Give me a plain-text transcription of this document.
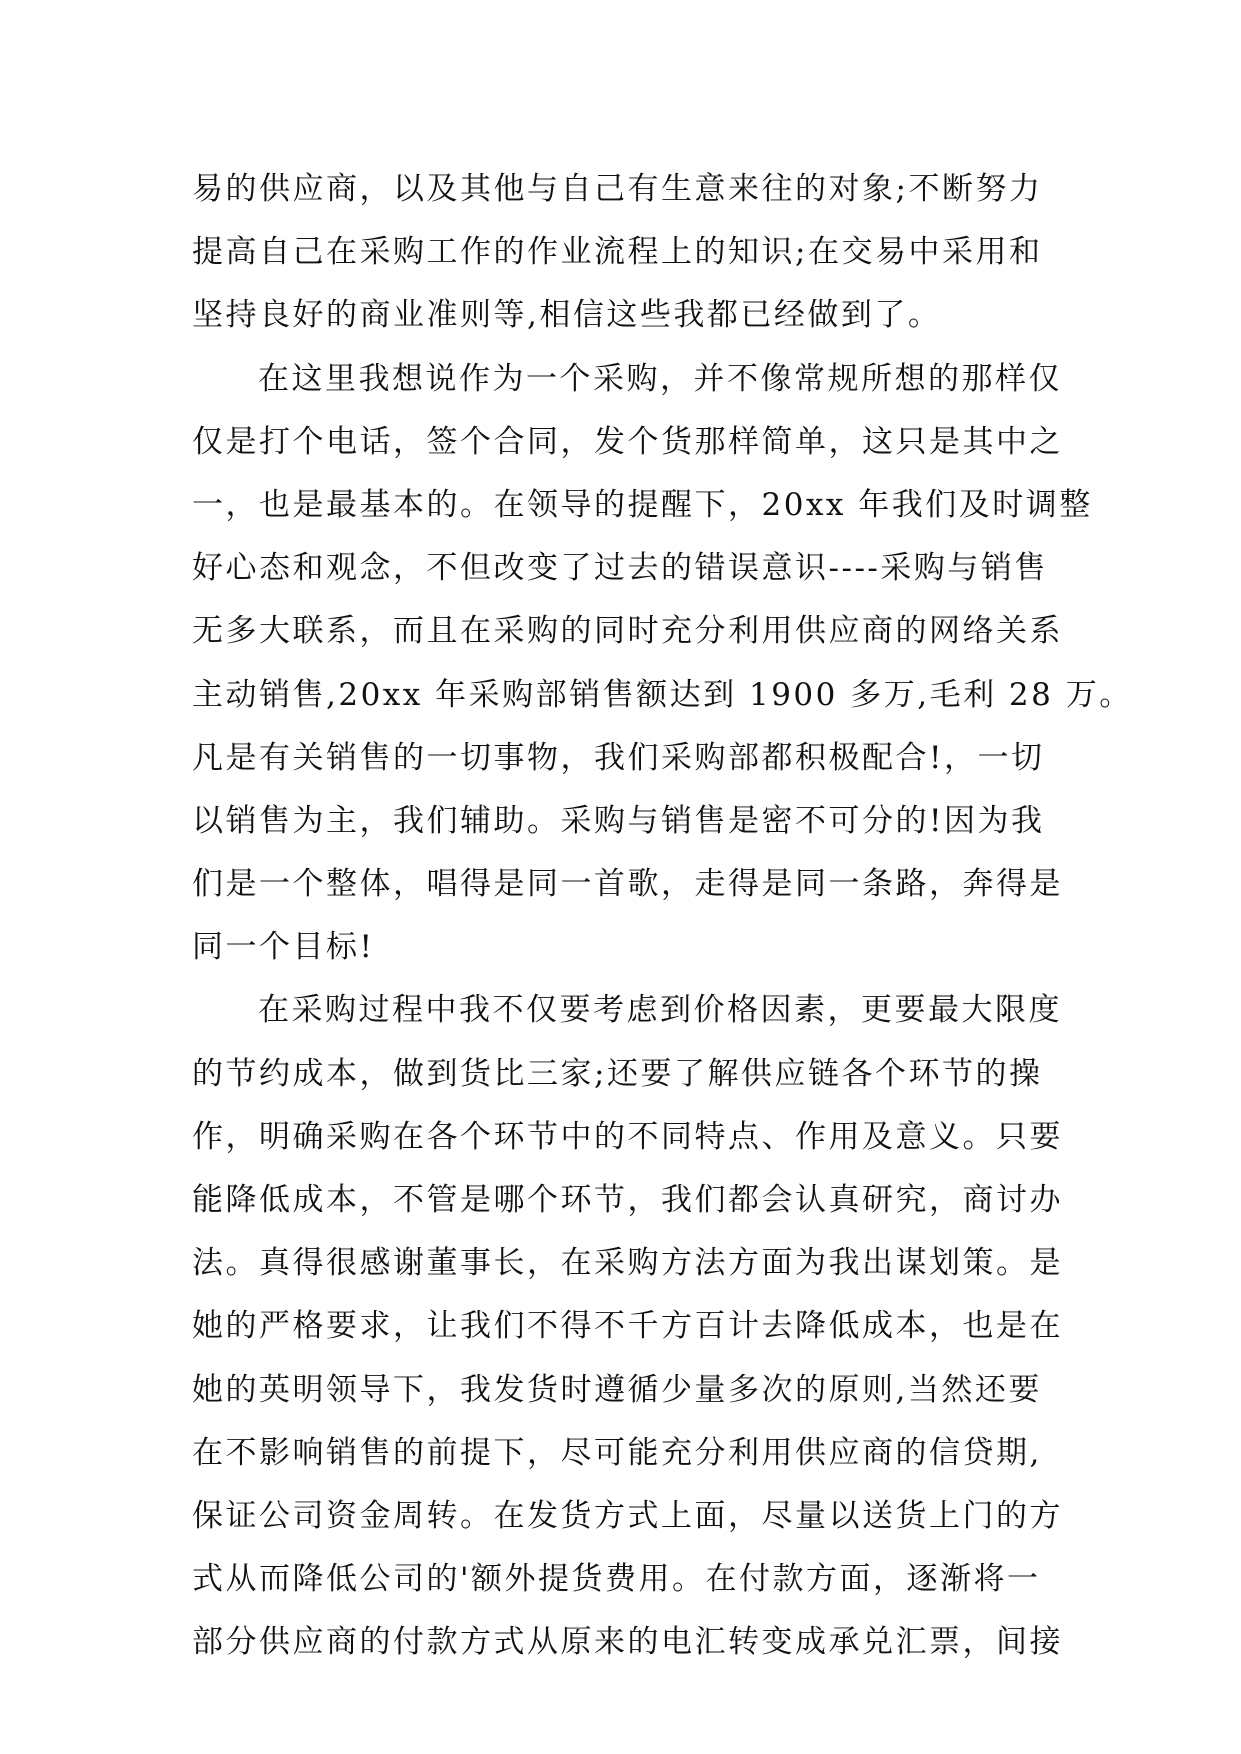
易的供应商，以及其他与自己有生意来往的对象;不断努力
提高自己在采购工作的作业流程上的知识;在交易中采用和
坚持良好的商业准则等,相信这些我都已经做到了。
在这里我想说作为一个采购，并不像常规所想的那样仅
仅是打个电话，签个合同，发个货那样简单，这只是其中之
一，也是最基本的。在领导的提醒下，20xx 年我们及时调整
好心态和观念，不但改变了过去的错误意识----采购与销售
无多大联系，而且在采购的同时充分利用供应商的网络关系
主动销售,20xx 年采购部销售额达到 1900 多万,毛利 28 万。
凡是有关销售的一切事物，我们采购部都积极配合!，一切
以销售为主，我们辅助。采购与销售是密不可分的!因为我
们是一个整体，唱得是同一首歌，走得是同一条路，奔得是
同一个目标!
在采购过程中我不仅要考虑到价格因素，更要最大限度
的节约成本，做到货比三家;还要了解供应链各个环节的操
作，明确采购在各个环节中的不同特点、作用及意义。只要
能降低成本，不管是哪个环节，我们都会认真研究，商讨办
法。真得很感谢董事长，在采购方法方面为我出谋划策。是
她的严格要求，让我们不得不千方百计去降低成本，也是在
她的英明领导下，我发货时遵循少量多次的原则,当然还要
在不影响销售的前提下，尽可能充分利用供应商的信贷期,
保证公司资金周转。在发货方式上面，尽量以送货上门的方
式从而降低公司的'额外提货费用。在付款方面，逐渐将一
部分供应商的付款方式从原来的电汇转变成承兑汇票，间接
